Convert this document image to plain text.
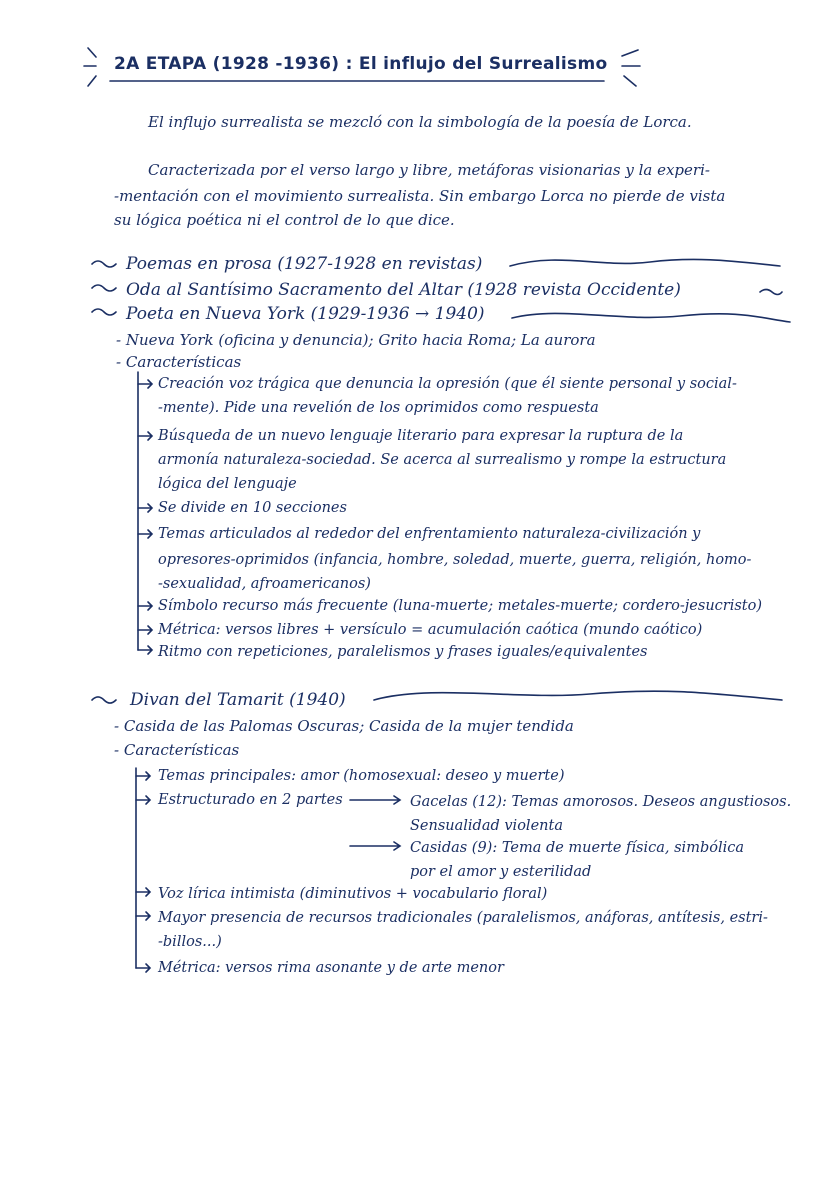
2A ETAPA (1928 -1936) : El influjo del Surrealismo
El influjo surrealista se mezcló con la simbología de la poesía de Lorca.
Caracterizada por el verso largo y libre, metáforas visionarias y la experi-
-mentación con el movimiento surrealista. Sin embargo Lorca no pierde de vista
su lógica poética ni el control de lo que dice.
Poemas en prosa (1927-1928 en revistas)
Oda al Santísimo Sacramento del Altar (1928 revista Occidente)
Poeta en Nueva York (1929-1936 → 1940)
- Nueva York (oficina y denuncia); Grito hacia Roma; La aurora
- Características
Creación voz trágica que denuncia la opresión (que él siente personal y social-
-mente). Pide una revelión de los oprimidos como respuesta
Búsqueda de un nuevo lenguaje literario para expresar la ruptura de la
armonía naturaleza-sociedad. Se acerca al surrealismo y rompe la estructura
lógica del lenguaje
Se divide en 10 secciones
Temas articulados al rededor del enfrentamiento naturaleza-civilización y
opresores-oprimidos (infancia, hombre, soledad, muerte, guerra, religión, homo-
-sexualidad, afroamericanos)
Símbolo recurso más frecuente (luna-muerte; metales-muerte; cordero-jesucristo)
Métrica: versos libres + versículo = acumulación caótica (mundo caótico)
Ritmo con repeticiones, paralelismos y frases iguales/equivalentes
Divan del Tamarit (1940)
- Casida de las Palomas Oscuras; Casida de la mujer tendida
- Características
Temas principales: amor (homosexual: deseo y muerte)
Estructurado en 2 partes	Gacelas (12): Temas amorosos. Deseos angustiosos.
Sensualidad violenta
Casidas (9): Tema de muerte física, simbólica
por el amor y esterilidad
Voz lírica intimista (diminutivos + vocabulario floral)
Mayor presencia de recursos tradicionales (paralelismos, anáforas, antítesis, estri-
-billos...)
Métrica: versos rima asonante y de arte menor
